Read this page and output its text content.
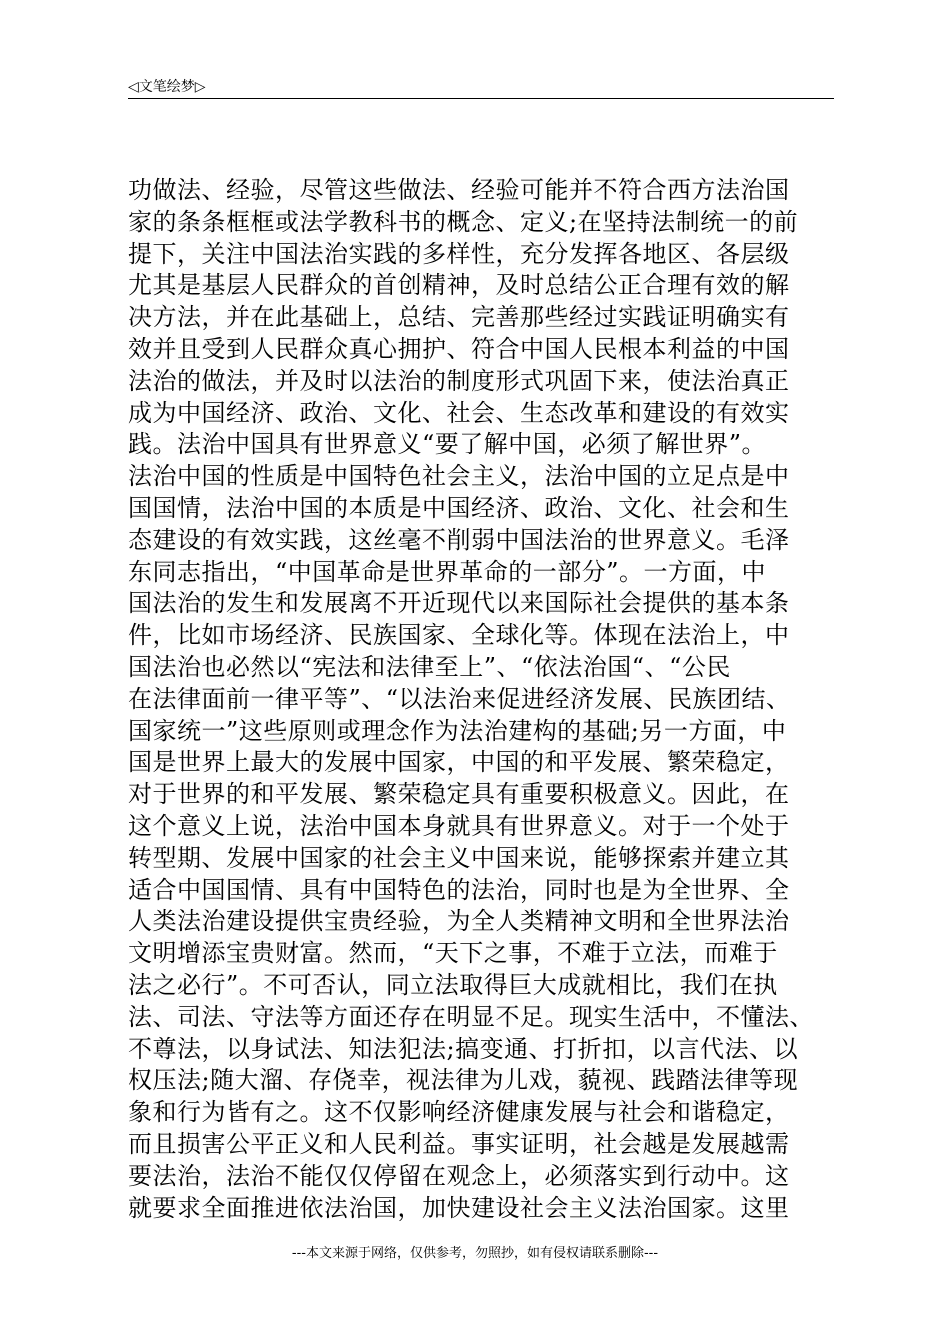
◁文笔绘梦▷
功做法、经验，尽管这些做法、经验可能并不符合西方法治国
家的条条框框或法学教科书的概念、定义;在坚持法制统一的前
提下，关注中国法治实践的多样性，充分发挥各地区、各层级
尤其是基层人民群众的首创精神，及时总结公正合理有效的解
决方法，并在此基础上，总结、完善那些经过实践证明确实有
效并且受到人民群众真心拥护、符合中国人民根本利益的中国
法治的做法，并及时以法治的制度形式巩固下来，使法治真正
成为中国经济、政治、文化、社会、生态改革和建设的有效实
践。法治中国具有世界意义“要了解中国，必须了解世界”。
法治中国的性质是中国特色社会主义，法治中国的立足点是中
国国情，法治中国的本质是中国经济、政治、文化、社会和生
态建设的有效实践，这丝毫不削弱中国法治的世界意义。毛泽
东同志指出，“中国革命是世界革命的一部分”。一方面，中
国法治的发生和发展离不开近现代以来国际社会提供的基本条
件，比如市场经济、民族国家、全球化等。体现在法治上，中
国法治也必然以“宪法和法律至上”、“依法治国“、“公民
在法律面前一律平等”、“以法治来促进经济发展、民族团结、
国家统一”这些原则或理念作为法治建构的基础;另一方面，中
国是世界上最大的发展中国家，中国的和平发展、繁荣稳定，
对于世界的和平发展、繁荣稳定具有重要积极意义。因此，在
这个意义上说，法治中国本身就具有世界意义。对于一个处于
转型期、发展中国家的社会主义中国来说，能够探索并建立其
适合中国国情、具有中国特色的法治，同时也是为全世界、全
人类法治建设提供宝贵经验，为全人类精神文明和全世界法治
文明增添宝贵财富。然而，“天下之事，不难于立法，而难于
法之必行”。不可否认，同立法取得巨大成就相比，我们在执
法、司法、守法等方面还存在明显不足。现实生活中，不懂法、
不尊法，以身试法、知法犯法;搞变通、打折扣，以言代法、以
权压法;随大溜、存侥幸，视法律为儿戏，藐视、践踏法律等现
象和行为皆有之。这不仅影响经济健康发展与社会和谐稳定，
而且损害公平正义和人民利益。事实证明，社会越是发展越需
要法治，法治不能仅仅停留在观念上，必须落实到行动中。这
就要求全面推进依法治国，加快建设社会主义法治国家。这里
---本文来源于网络，仅供参考，勿照抄，如有侵权请联系删除---
